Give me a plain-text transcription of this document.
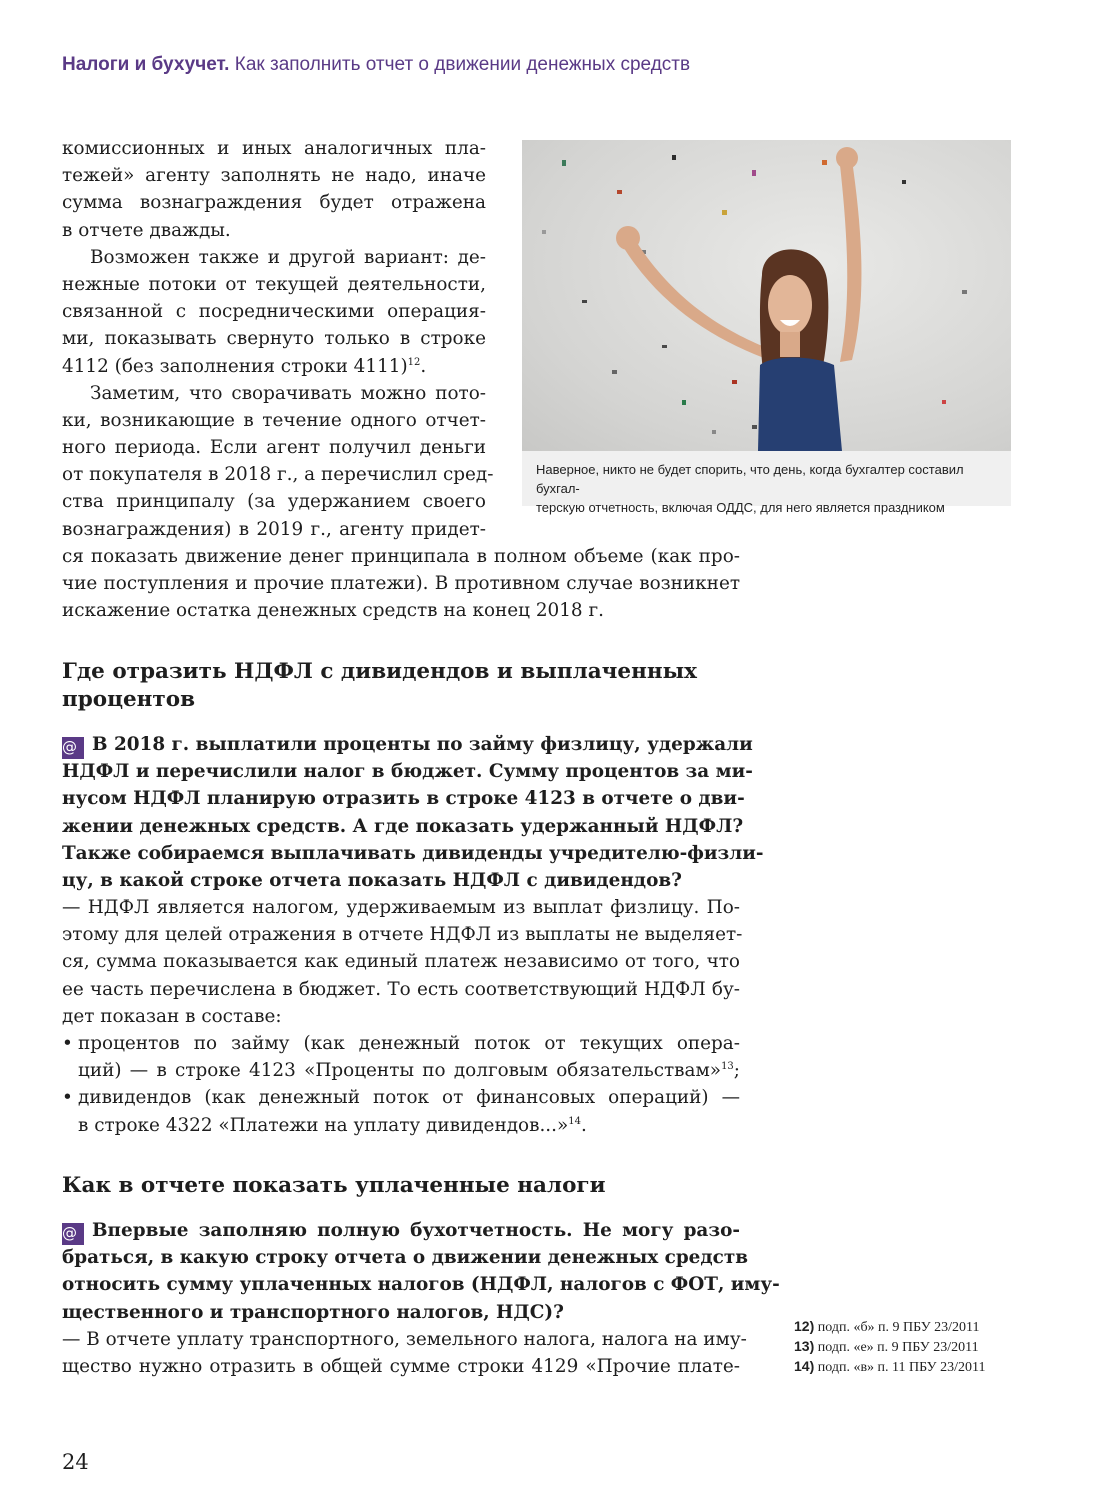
Налоги и бухучет. Как заполнить отчет о движении денежных средств
комиссионных и иных аналогичных пла-
тежей» агенту заполнять не надо, иначе
сумма вознаграждения будет отражена
в отчете дважды.
Возможен также и другой вариант: де-
нежные потоки от текущей деятельности,
связанной с посредническими операция-
ми, показывать свернуто только в строке
4112 (без заполнения строки 4111)$^{12}$.
Заметим, что сворачивать можно пото-
ки, возникающие в течение одного отчет-
ного периода. Если агент получил деньги
от покупателя в 2018 г., а перечислил сред-
ства принципалу (за удержанием своего
вознаграждения) в 2019 г., агенту придет-
ся показать движение денег принципала в полном объеме (как про-
чие поступления и прочие платежи). В противном случае возникнет
искажение остатка денежных средств на конец 2018 г.
Наверное, никто не будет спорить, что день, когда бухгалтер составил бухгал-
терскую отчетность, включая ОДДС, для него является праздником
Где отразить НДФЛ с дивидендов и выплаченных
процентов
@ В 2018 г. выплатили проценты по займу физлицу, удержали
НДФЛ и перечислили налог в бюджет. Сумму процентов за ми-
нусом НДФЛ планирую отразить в строке 4123 в отчете о дви-
жении денежных средств. А где показать удержанный НДФЛ?
Также собираемся выплачивать дивиденды учредителю-физли-
цу, в какой строке отчета показать НДФЛ с дивидендов?
— НДФЛ является налогом, удерживаемым из выплат физлицу. По-
этому для целей отражения в отчете НДФЛ из выплаты не выделяет-
ся, сумма показывается как единый платеж независимо от того, что
ее часть перечислена в бюджет. То есть соответствующий НДФЛ бу-
дет показан в составе:
• процентов по займу (как денежный поток от текущих опера-
ций) — в строке 4123 «Проценты по долговым обязательствам»$^{13}$;
• дивидендов (как денежный поток от финансовых операций) —
в строке 4322 «Платежи на уплату дивидендов...»$^{14}$.
Как в отчете показать уплаченные налоги
@ Впервые заполняю полную бухотчетность. Не могу разо-
браться, в какую строку отчета о движении денежных средств
относить сумму уплаченных налогов (НДФЛ, налогов с ФОТ, иму-
щественного и транспортного налогов, НДС)?
— В отчете уплату транспортного, земельного налога, налога на иму-
щество нужно отразить в общей сумме строки 4129 «Прочие плате-
12) подп. «б» п. 9 ПБУ 23/2011
13) подп. «е» п. 9 ПБУ 23/2011
14) подп. «в» п. 11 ПБУ 23/2011
24
